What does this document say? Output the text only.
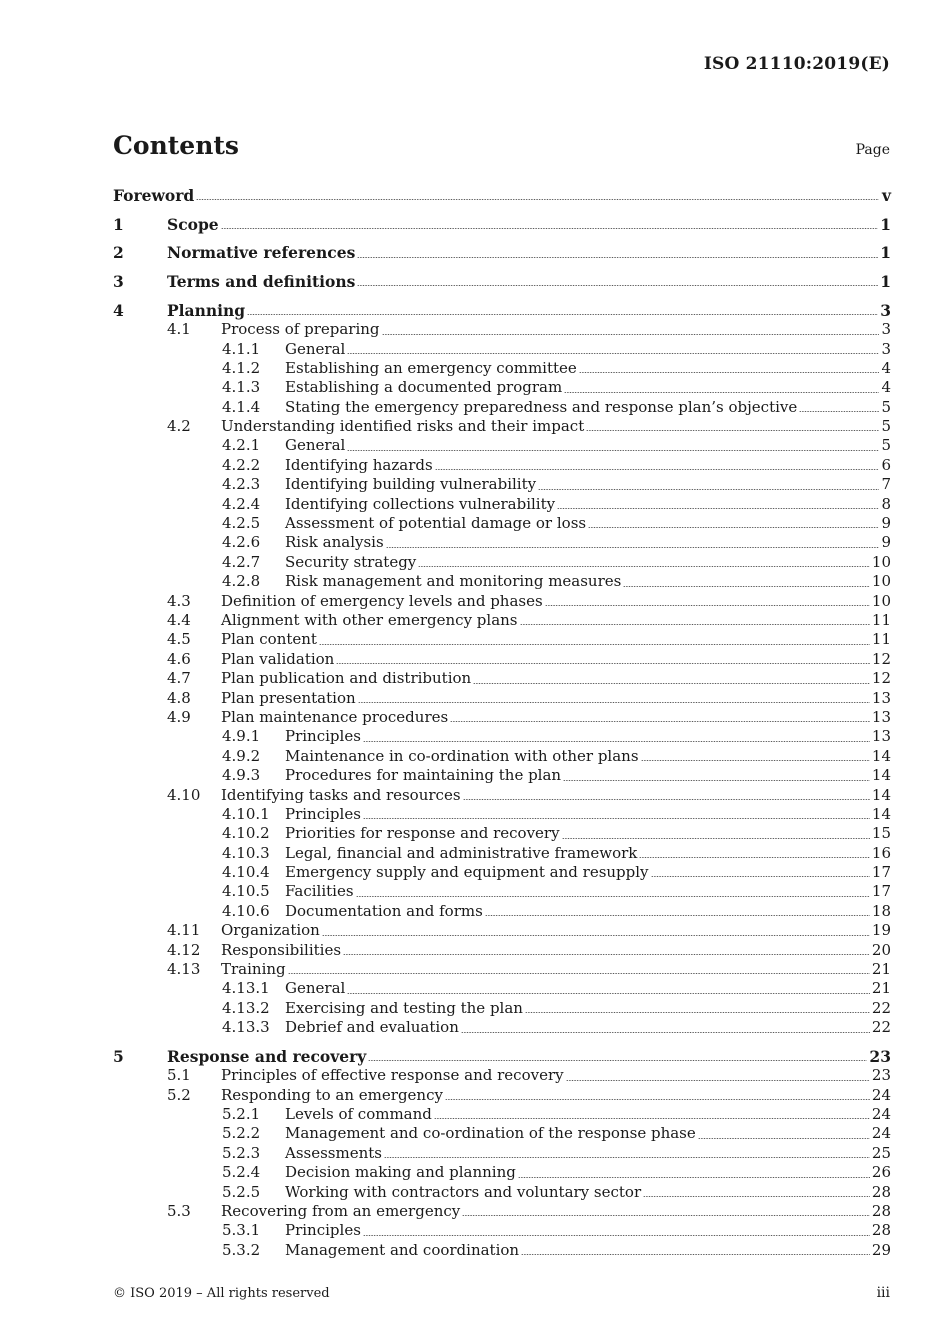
ISO 21110:2019(E)
Contents	Page
Foreword	v
1	Scope	1
2	Normative references	1
3	Terms and definitions	1
4	Planning	3
4.1	Process of preparing	3
4.1.1	General	3
4.1.2	Establishing an emergency committee	4
4.1.3	Establishing a documented program	4
4.1.4	Stating the emergency preparedness and response plan’s objective	5
4.2	Understanding identified risks and their impact	5
4.2.1	General	5
4.2.2	Identifying hazards	6
4.2.3	Identifying building vulnerability	7
4.2.4	Identifying collections vulnerability	8
4.2.5	Assessment of potential damage or loss	9
4.2.6	Risk analysis	9
4.2.7	Security strategy	10
4.2.8	Risk management and monitoring measures	10
4.3	Definition of emergency levels and phases	10
4.4	Alignment with other emergency plans	11
4.5	Plan content	11
4.6	Plan validation	12
4.7	Plan publication and distribution	12
4.8	Plan presentation	13
4.9	Plan maintenance procedures	13
4.9.1	Principles	13
4.9.2	Maintenance in co-ordination with other plans	14
4.9.3	Procedures for maintaining the plan	14
4.10	Identifying tasks and resources	14
4.10.1	Principles	14
4.10.2	Priorities for response and recovery	15
4.10.3	Legal, financial and administrative framework	16
4.10.4	Emergency supply and equipment and resupply	17
4.10.5	Facilities	17
4.10.6	Documentation and forms	18
4.11	Organization	19
4.12	Responsibilities	20
4.13	Training	21
4.13.1	General	21
4.13.2	Exercising and testing the plan	22
4.13.3	Debrief and evaluation	22
5	Response and recovery	23
5.1	Principles of effective response and recovery	23
5.2	Responding to an emergency	24
5.2.1	Levels of command	24
5.2.2	Management and co-ordination of the response phase	24
5.2.3	Assessments	25
5.2.4	Decision making and planning	26
5.2.5	Working with contractors and voluntary sector	28
5.3	Recovering from an emergency	28
5.3.1	Principles	28
5.3.2	Management and coordination	29
© ISO 2019 – All rights reserved	iii
